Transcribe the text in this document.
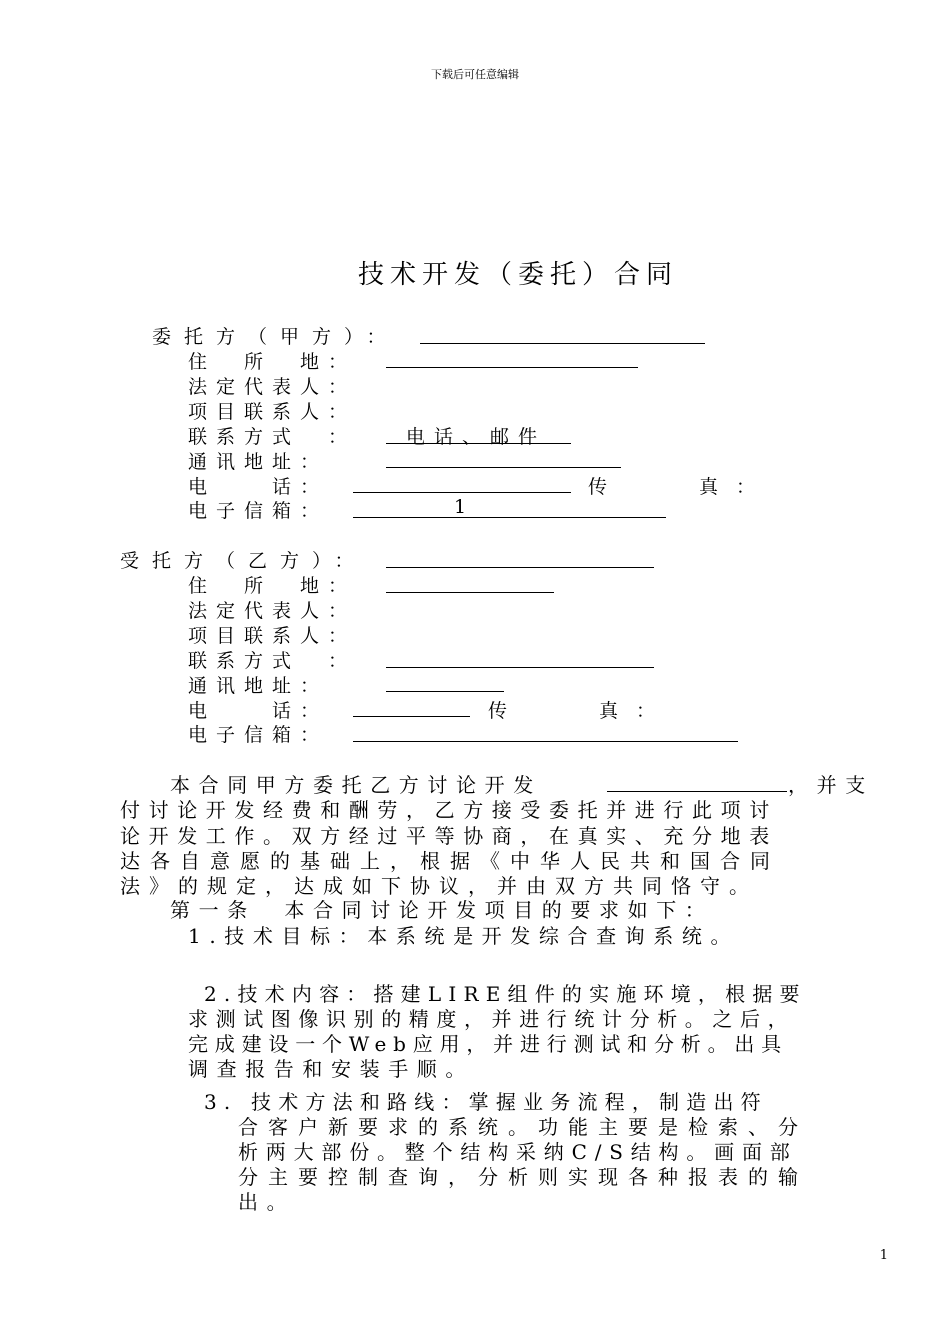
下载后可任意编辑
技术开发（委托）合同
委托方（甲方）：
住　所　地：
法定代表人：
项目联系人：
联系方式　：	电话、邮件
通讯地址：
电　　话：	传　　真：
电子信箱：	1
受托方（乙方）：
住　所　地：
法定代表人：
项目联系人：
联系方式　：
通讯地址：
电　　话：	传　　真：
电子信箱：
本合同甲方委托乙方讨论开发	，并支
付讨论开发经费和酬劳，乙方接受委托并进行此项讨
论开发工作。双方经过平等协商，在真实、充分地表
达各自意愿的基础上，根据《中华人民共和国合同
法》的规定，达成如下协议，并由双方共同恪守。
第一条　本合同讨论开发项目的要求如下：
1.技术目标：本系统是开发综合查询系统。
2.技术内容：搭建LIRE组件的实施环境，根据要
求测试图像识别的精度，并进行统计分析。之后，
完成建设一个Web应用，并进行测试和分析。出具
调查报告和安装手顺。
3. 技术方法和路线：掌握业务流程，制造出符
合客户新要求的系统。功能主要是检索、分
析两大部份。整个结构采纳C/S结构。画面部
分主要控制查询，分析则实现各种报表的输
出。
1
